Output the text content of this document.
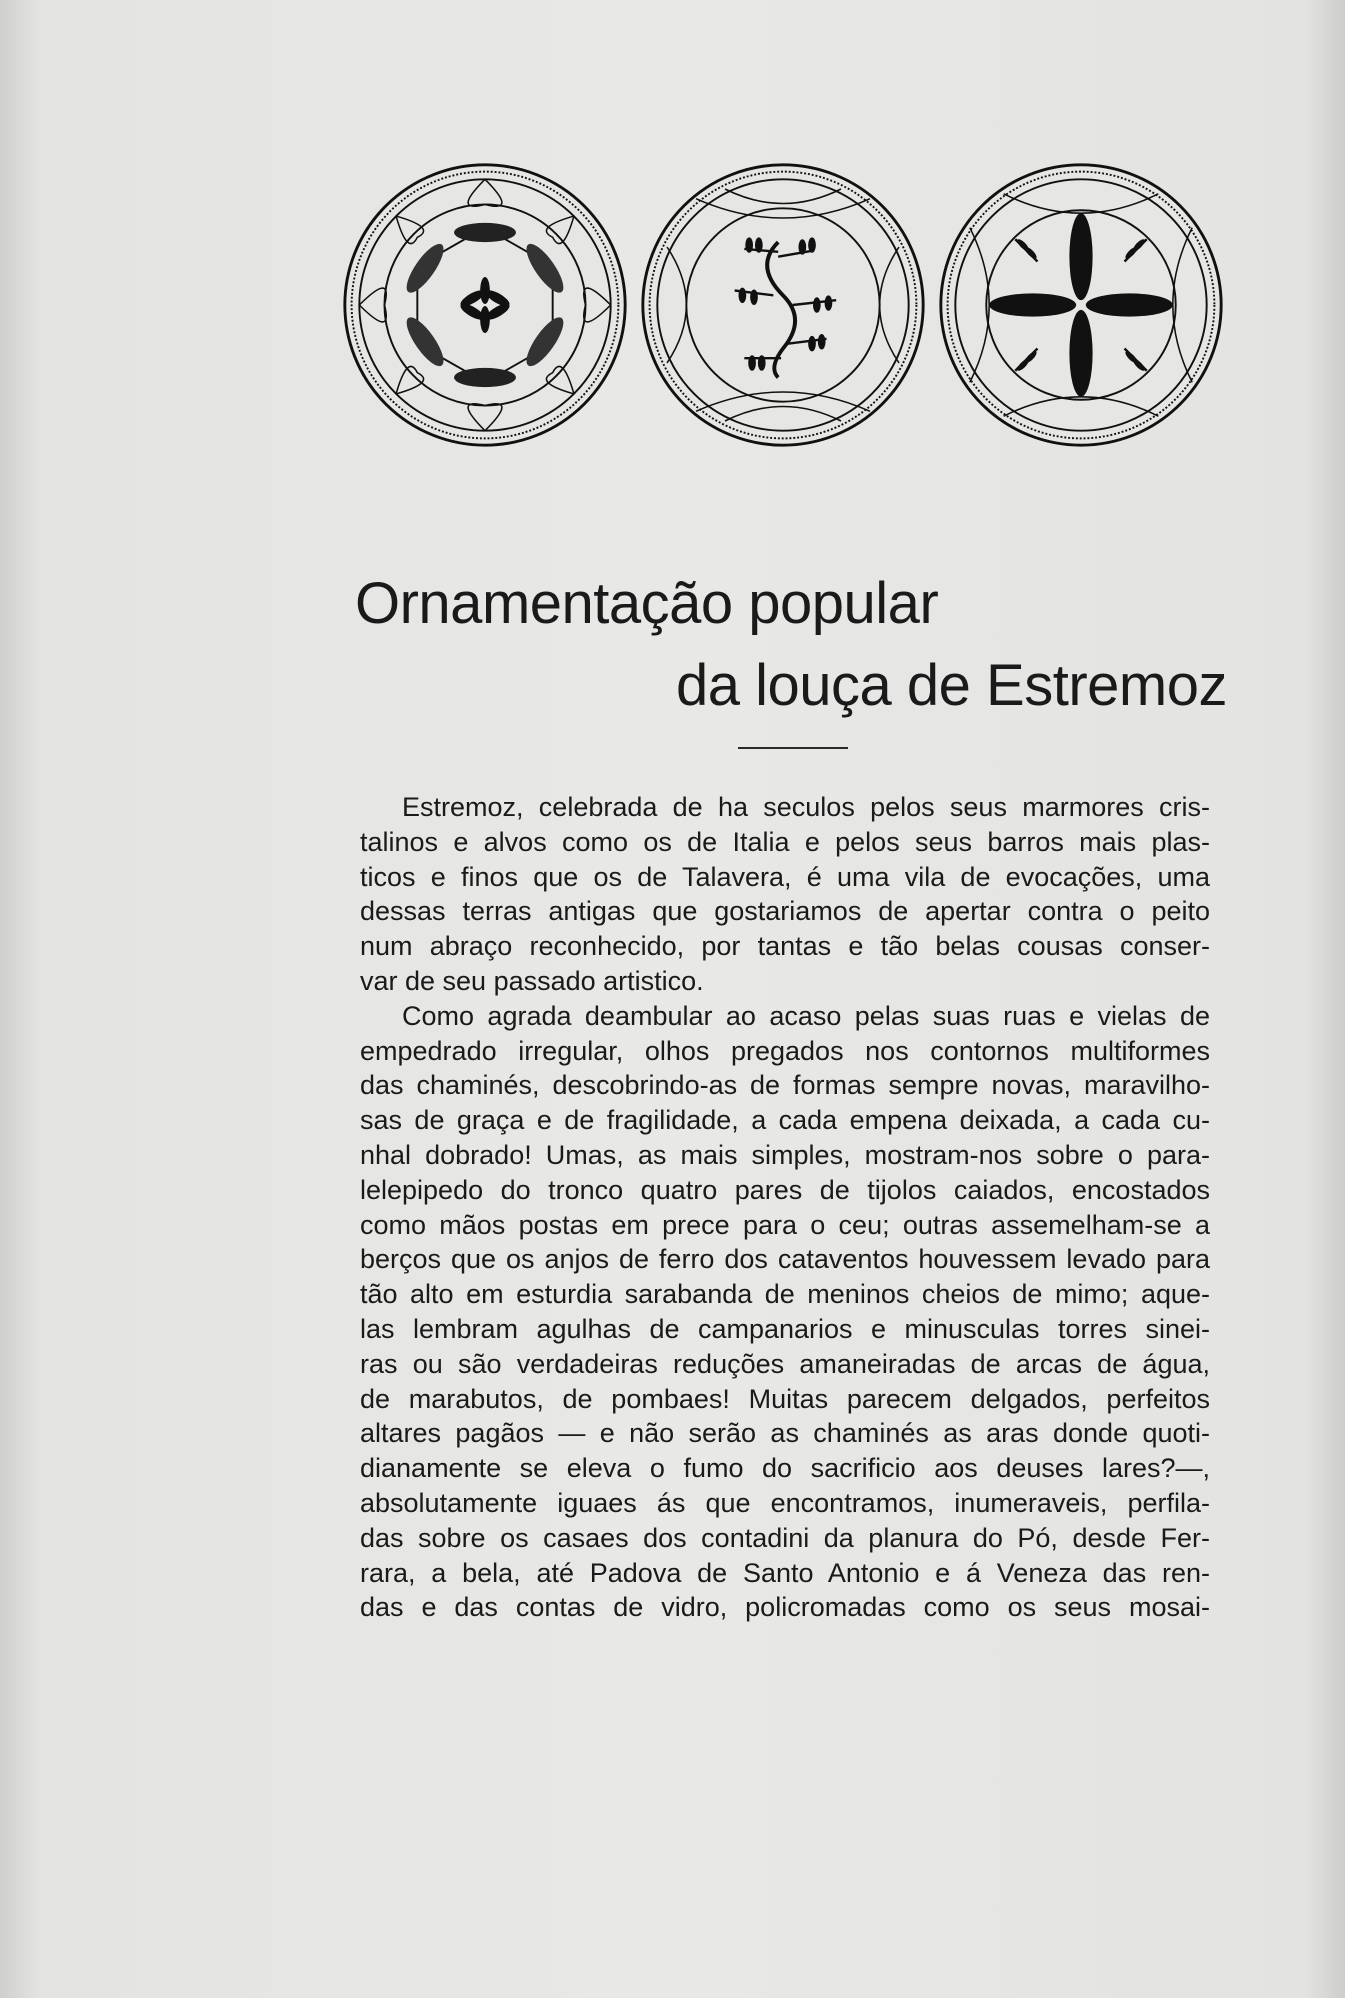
Ornamentação popular
da louça de Estremoz
Estremoz, celebrada de ha seculos pelos seus marmores cris-
talinos e alvos como os de Italia e pelos seus barros mais plas-
ticos e finos que os de Talavera, é uma vila de evocações, uma
dessas terras antigas que gostariamos de apertar contra o peito
num abraço reconhecido, por tantas e tão belas cousas conser-
var de seu passado artistico.
Como agrada deambular ao acaso pelas suas ruas e vielas de
empedrado irregular, olhos pregados nos contornos multiformes
das chaminés, descobrindo-as de formas sempre novas, maravilho-
sas de graça e de fragilidade, a cada empena deixada, a cada cu-
nhal dobrado! Umas, as mais simples, mostram-nos sobre o para-
lelepipedo do tronco quatro pares de tijolos caiados, encostados
como mãos postas em prece para o ceu; outras assemelham-se a
berços que os anjos de ferro dos cataventos houvessem levado para
tão alto em esturdia sarabanda de meninos cheios de mimo; aque-
las lembram agulhas de campanarios e minusculas torres sinei-
ras ou são verdadeiras reduções amaneiradas de arcas de água,
de marabutos, de pombaes! Muitas parecem delgados, perfeitos
altares pagãos — e não serão as chaminés as aras donde quoti-
dianamente se eleva o fumo do sacrificio aos deuses lares?—,
absolutamente iguaes ás que encontramos, inumeraveis, perfila-
das sobre os casaes dos contadini da planura do Pó, desde Fer-
rara, a bela, até Padova de Santo Antonio e á Veneza das ren-
das e das contas de vidro, policromadas como os seus mosai-
